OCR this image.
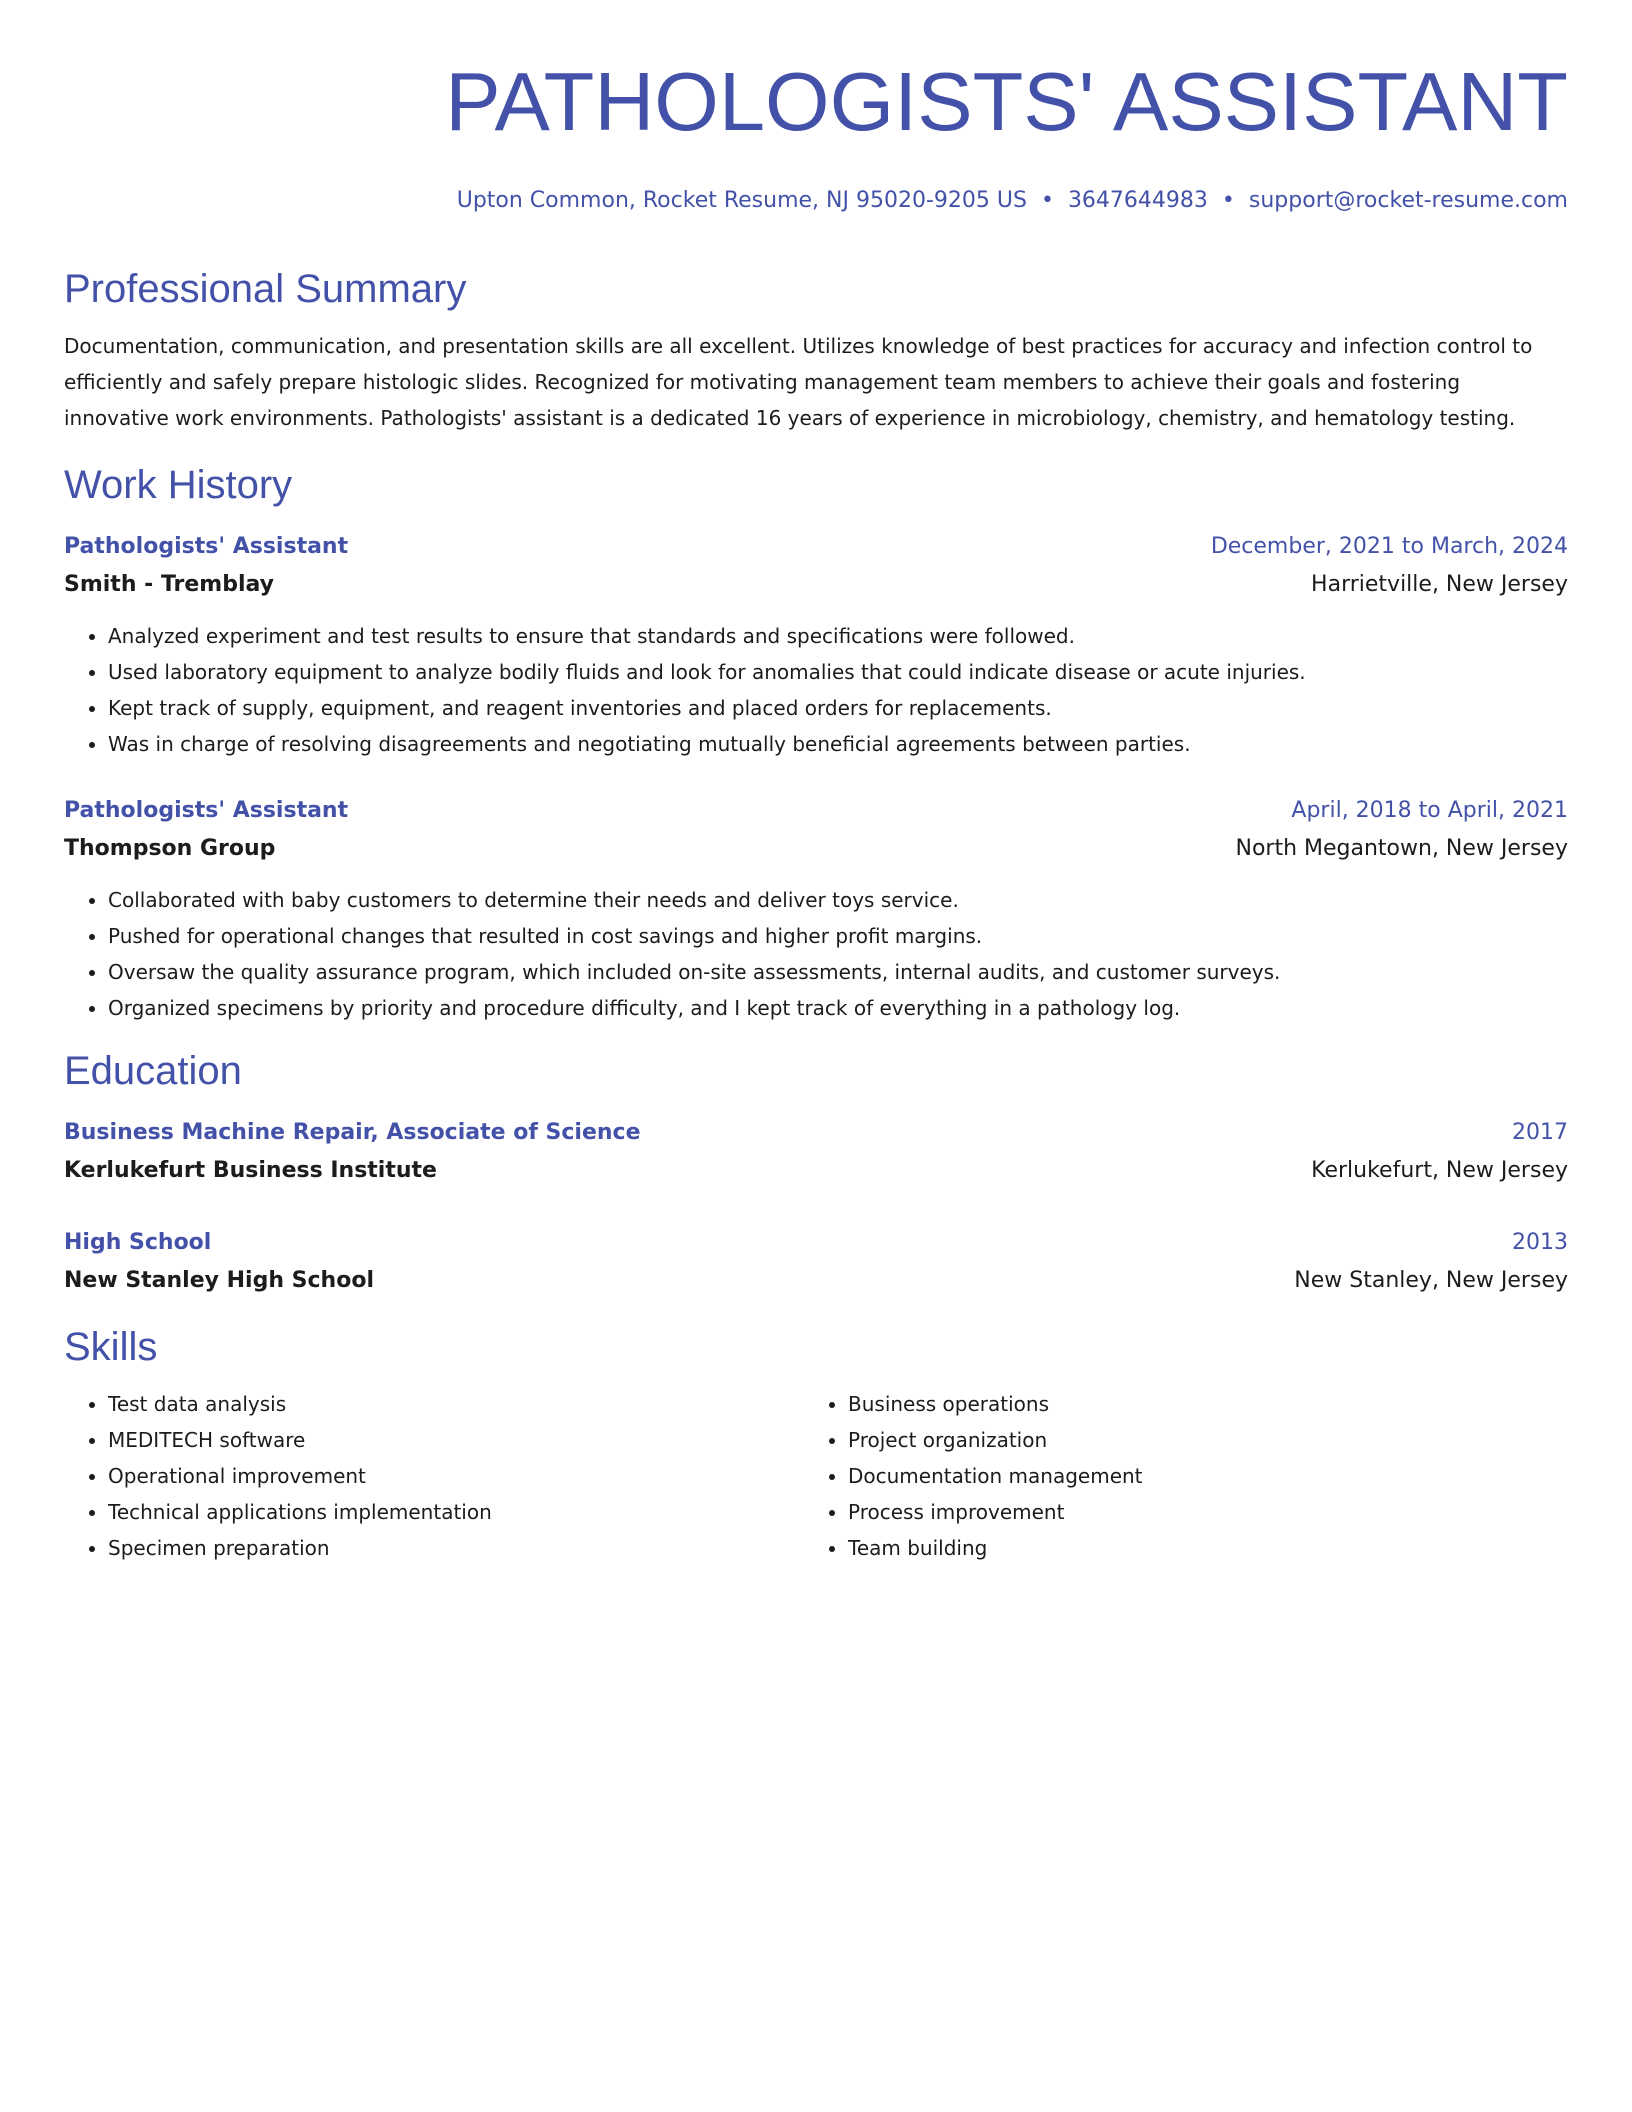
PATHOLOGISTS' ASSISTANT
Upton Common, Rocket Resume, NJ 95020-9205 US • 3647644983 • support@rocket-resume.com
Professional Summary
Documentation, communication, and presentation skills are all excellent. Utilizes knowledge of best practices for accuracy and infection control to efficiently and safely prepare histologic slides. Recognized for motivating management team members to achieve their goals and fostering innovative work environments. Pathologists' assistant is a dedicated 16 years of experience in microbiology, chemistry, and hematology testing.
Work History
Pathologists' Assistant	December, 2021 to March, 2024
Smith - Tremblay	Harrietville, New Jersey
• Analyzed experiment and test results to ensure that standards and specifications were followed.
• Used laboratory equipment to analyze bodily fluids and look for anomalies that could indicate disease or acute injuries.
• Kept track of supply, equipment, and reagent inventories and placed orders for replacements.
• Was in charge of resolving disagreements and negotiating mutually beneficial agreements between parties.
Pathologists' Assistant	April, 2018 to April, 2021
Thompson Group	North Megantown, New Jersey
• Collaborated with baby customers to determine their needs and deliver toys service.
• Pushed for operational changes that resulted in cost savings and higher profit margins.
• Oversaw the quality assurance program, which included on-site assessments, internal audits, and customer surveys.
• Organized specimens by priority and procedure difficulty, and I kept track of everything in a pathology log.
Education
Business Machine Repair, Associate of Science	2017
Kerlukefurt Business Institute	Kerlukefurt, New Jersey
High School	2013
New Stanley High School	New Stanley, New Jersey
Skills
• Test data analysis
• MEDITECH software
• Operational improvement
• Technical applications implementation
• Specimen preparation
• Business operations
• Project organization
• Documentation management
• Process improvement
• Team building
